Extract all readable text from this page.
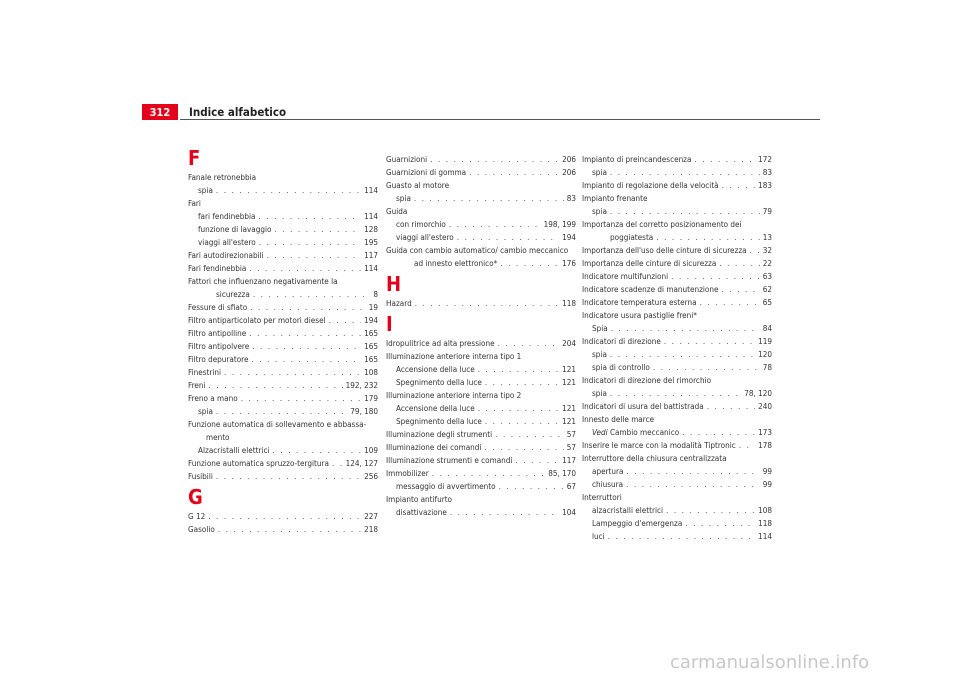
312	Indice alfabetico
F
Fanale retronebbia
spia . . .	114
Fari
fari fendinebbia . . .	114
funzione di lavaggio . . .	128
viaggi all'estero . . .	195
Fari autodirezionabili . . .	117
Fari fendinebbia . . .	114
Fattori che influenzano negativamente la
sicurezza . . .	8
Fessure di sfiato . . .	19
Filtro antiparticolato per motori diesel . . .	194
Filtro antipolline . . .	165
Filtro antipolvere . . .	165
Filtro depuratore . . .	165
Finestrini . . .	108
Freni . . .	192, 232
Freno a mano . . .	179
spia . . .	79, 180
Funzione automatica di sollevamento e abbassa-
mento
Alzacristalli elettrici . . .	109
Funzione automatica spruzzo-tergitura . . . 124, 127
Fusibili . . .	256
G
G 12 . . .	227
Gasolio . . .	218
Guarnizioni . . .	206
Guarnizioni di gomma . . .	206
Guasto al motore
spia . . .	83
Guida
con rimorchio . . .	198, 199
viaggi all'estero . . .	194
Guida con cambio automatico/ cambio meccanico
ad innesto elettronico* . . .	176
H
Hazard . . .	118
I
Idropulitrice ad alta pressione . . .	204
Illuminazione anteriore interna tipo 1
Accensione della luce . . .	121
Spegnimento della luce . . .	121
Illuminazione anteriore interna tipo 2
Accensione della luce . . .	121
Spegnimento della luce . . .	121
Illuminazione degli strumenti . . .	57
Illuminazione dei comandi . . .	57
Illuminazione strumenti e comandi . . .	117
Immobilizer . . .	85, 170
messaggio di avvertimento . . .	67
Impianto antifurto
disattivazione . . .	104
Impianto di preincandescenza . . .	172
spia . . .	83
Impianto di regolazione della velocità . . .	183
Impianto frenante
spia . . .	79
Importanza del corretto posizionamento dei
poggiatesta . . .	13
Importanza dell'uso delle cinture di sicurezza . . . 32
Importanza delle cinture di sicurezza . . .	22
Indicatore multifunzioni . . .	63
Indicatore scadenze di manutenzione . . .	62
Indicatore temperatura esterna . . .	65
Indicatore usura pastiglie freni*
Spia . . .	84
Indicatori di direzione . . .	119
spia . . .	120
spia di controllo . . .	78
Indicatori di direzione del rimorchio
spia . . .	78, 120
Indicatori di usura del battistrada . . .	240
Innesto delle marce
Vedi Cambio meccanico . . .	173
Inserire le marce con la modalità Tiptronic . . .	178
Interruttore della chiusura centralizzata
apertura . . .	99
chiusura . . .	99
Interruttori
alzacristalli elettrici . . .	108
Lampeggio d'emergenza . . .	118
luci . . .	114
carmanualsonline.info
